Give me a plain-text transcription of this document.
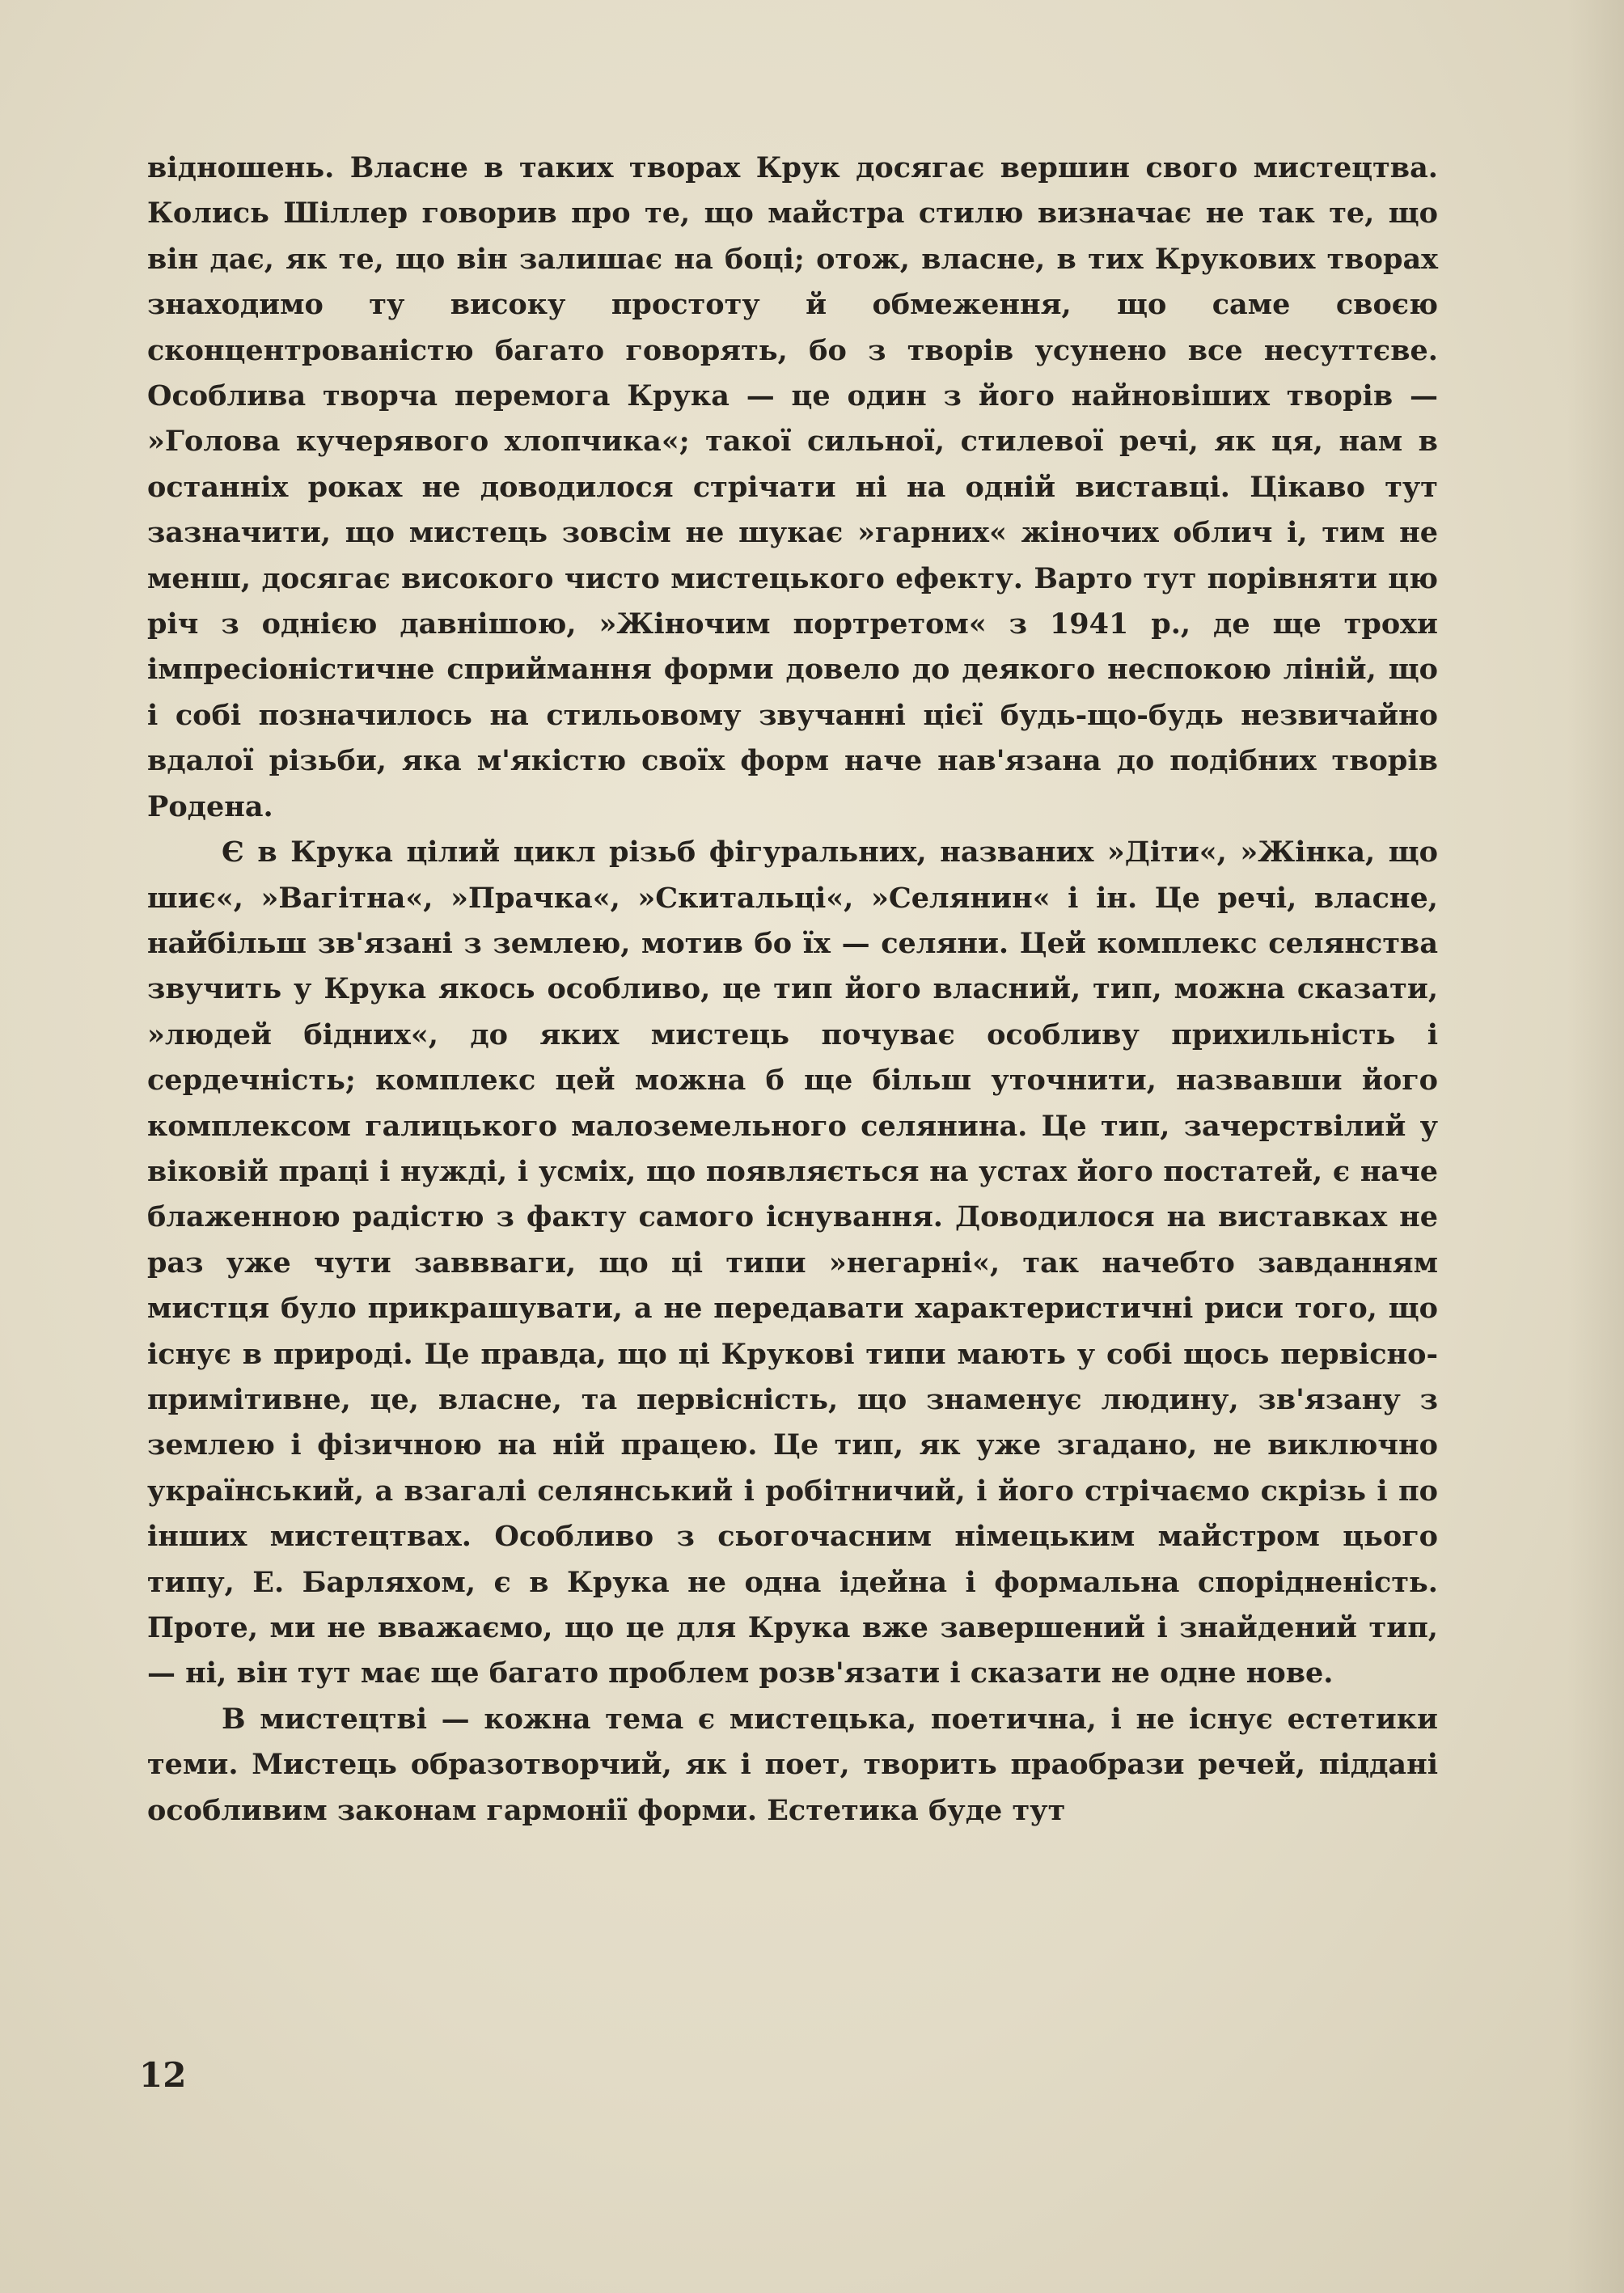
відношень. Власне в таких творах Крук досягає вершин свого мистецтва. Колись Шіллер говорив про те, що майстра стилю визначає не так те, що він дає, як те, що він залишає на боці; отож, власне, в тих Крукових творах знаходимо ту високу простоту й обмеження, що саме своєю сконцентрованістю багато говорять, бо з творів усунено все несуттєве. Особлива творча перемога Крука — це один з його найновіших творів — »Голова кучерявого хлопчика«; такої сильної, стилевої речі, як ця, нам в останніх роках не доводилося стрічати ні на одній виставці. Цікаво тут зазначити, що мистець зовсім не шукає »гарних« жіночих облич і, тим не менш, досягає високого чисто мистецького ефекту. Варто тут порівняти цю річ з однією давнішою, »Жіночим портретом« з 1941 р., де ще трохи імпресіоністичне сприймання форми довело до деякого неспокою ліній, що і собі позначилось на стильовому звучанні цієї будь-що-будь незвичайно вдалої різьби, яка м'якістю своїх форм наче нав'язана до подібних творів Родена.

Є в Крука цілий цикл різьб фігуральних, названих »Діти«, »Жінка, що шиє«, »Вагітна«, »Прачка«, »Скитальці«, »Селянин« і ін. Це речі, власне, найбільш зв'язані з землею, мотив бо їх — селяни. Цей комплекс селянства звучить у Крука якось особливо, це тип його власний, тип, можна сказати, »людей бідних«, до яких мистець почуває особливу прихильність і сердечність; комплекс цей можна б ще більш уточнити, назвавши його комплексом галицького малоземельного селянина. Це тип, зачерствілий у віковій праці і нужді, і усміх, що появляється на устах його постатей, є наче блаженною радістю з факту самого існування. Доводилося на виставках не раз уже чути заввваги, що ці типи »негарні«, так начебто завданням мистця було прикрашувати, а не передавати характеристичні риси того, що існує в природі. Це правда, що ці Крукові типи мають у собі щось первісно-примітивне, це, власне, та первісність, що знаменує людину, зв'язану з землею і фізичною на ній працею. Це тип, як уже згадано, не виключно український, а взагалі селянський і робітничий, і його стрічаємо скрізь і по інших мистецтвах. Особливо з сьогочасним німецьким майстром цього типу, Е. Барляхом, є в Крука не одна ідейна і формальна спорідненість. Проте, ми не вважаємо, що це для Крука вже завершений і знайдений тип, — ні, він тут має ще багато проблем розв'язати і сказати не одне нове.

В мистецтві — кожна тема є мистецька, поетична, і не існує естетики теми. Мистець образотворчий, як і поет, творить праобрази речей, піддані особливим законам гармонії форми. Естетика буде тут

12
